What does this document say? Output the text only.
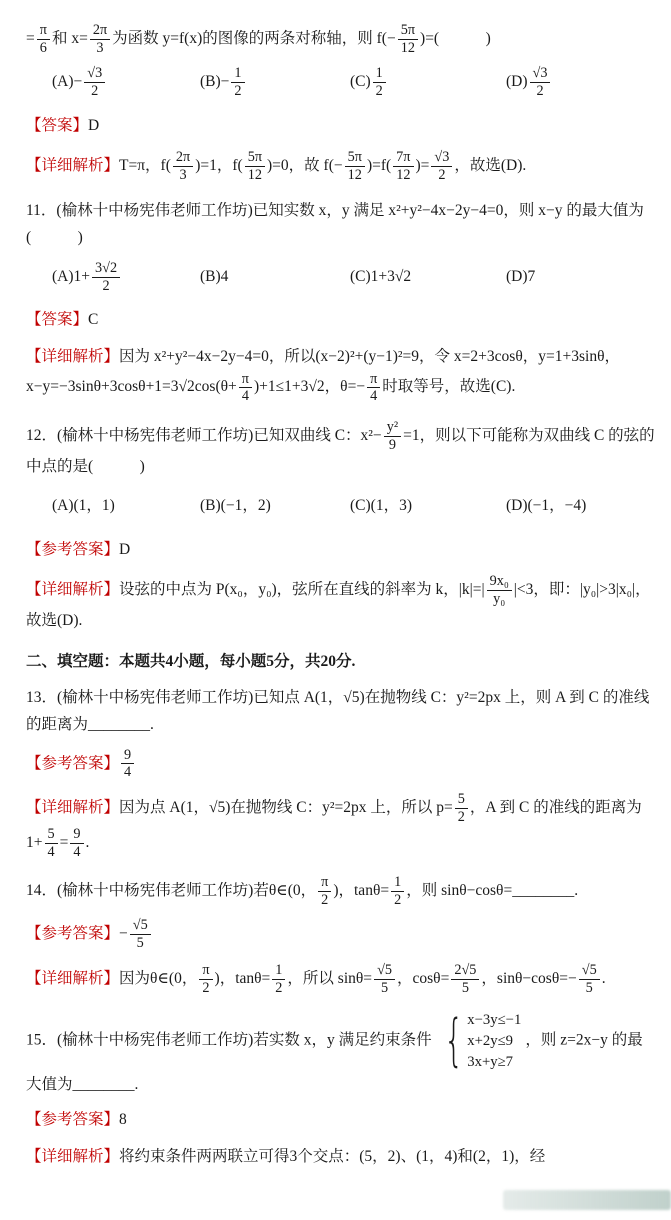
= $\frac{\pi}{6}$ 和 $x= \frac{2\pi}{3}$ 为函数 y=f(x)的图像的两条对称轴，则 $f(- \frac{5\pi}{12}$ )=(　　　)

$(A)- \frac{√3}{2}$	$(B)- \frac{1}{2}$	$(C) \frac{1}{2}$	$(D) \frac{√3}{2}$

【答案】D

【详细解析】T=π，$f( \frac{2\pi}{3} )=1$，$f( \frac{5\pi}{12} )=0$，故 $f(- \frac{5\pi}{12} )=f( \frac{7\pi}{12}$ )= $\frac{√3}{2}$ ，故选(D).

11．(榆林十中杨宪伟老师工作坊)已知实数 x，y 满足 x²+y²−4x−2y−4=0，则 x−y 的最大值为(　　　)

$(A)1+ \frac{3√2}{2}$	(B)4	(C)1+3√2	(D)7

【答案】C

【详细解析】因为 x²+y²−4x−2y−4=0，所以(x−2)²+(y−1)²=9，令 x=2+3cosθ，y=1+3sinθ，$x-y=-3\sin\theta+3\cos\theta+1=3√2\cos(\theta+ \frac{\pi}{4} )+1\le 1+3√2$，$\theta=- \frac{\pi}{4}$ 时取等号，故选(C).

12．(榆林十中杨宪伟老师工作坊)已知双曲线 C：$x^2- \frac{\text{y²}}{9} =1$，则以下可能称为双曲线 C 的弦的中点的是(　　　)

(A)(1，1)	(B)(−1，2)	(C)(1，3)	(D)(−1，−4)

【参考答案】D

【详细解析】设弦的中点为 P(x₀，y₀)，弦所在直线的斜率为 k，$|k|=| \frac{\text{9x₀}}{\text{y₀}} |<3$，即：|y₀|>3|x₀|，故选(D).

二、填空题：本题共4小题，每小题5分，共20分.

13．(榆林十中杨宪伟老师工作坊)已知点 A(1，√5)在抛物线 C：y²=2px 上，则 A 到 C 的准线的距离为________.

【参考答案】 $\frac{9}{4}$

【详细解析】因为点 A(1，√5)在抛物线 C：y²=2px 上，所以 $p= \frac{5}{2}$ ，A 到 C 的准线的距离为 $1+ \frac{5}{4} = \frac{9}{4}$ .

14．(榆林十中杨宪伟老师工作坊)若θ∈(0， $\frac{\pi}{2}$ )，$\tan\theta= \frac{1}{2}$ ，则 sinθ−cosθ=________.

【参考答案】− $\frac{√5}{5}$

【详细解析】因为θ∈(0， $\frac{\pi}{2}$ )，$\tan\theta= \frac{1}{2}$ ，所以 $\sin\theta= \frac{√5}{5}$ ，$\cos\theta= \frac{2√5}{5}$ ，$\sin\theta-\cos\theta=- \frac{√5}{5}$ .

15．(榆林十中杨宪伟老师工作坊)若实数 x，y 满足约束条件 { x−3y≤−1
x+2y≤9
3x+y≥7
，则 z=2x−y 的最大值为________.

【参考答案】8

【详细解析】将约束条件两两联立可得3个交点：(5，2)、(1，4)和(2，1)，经
